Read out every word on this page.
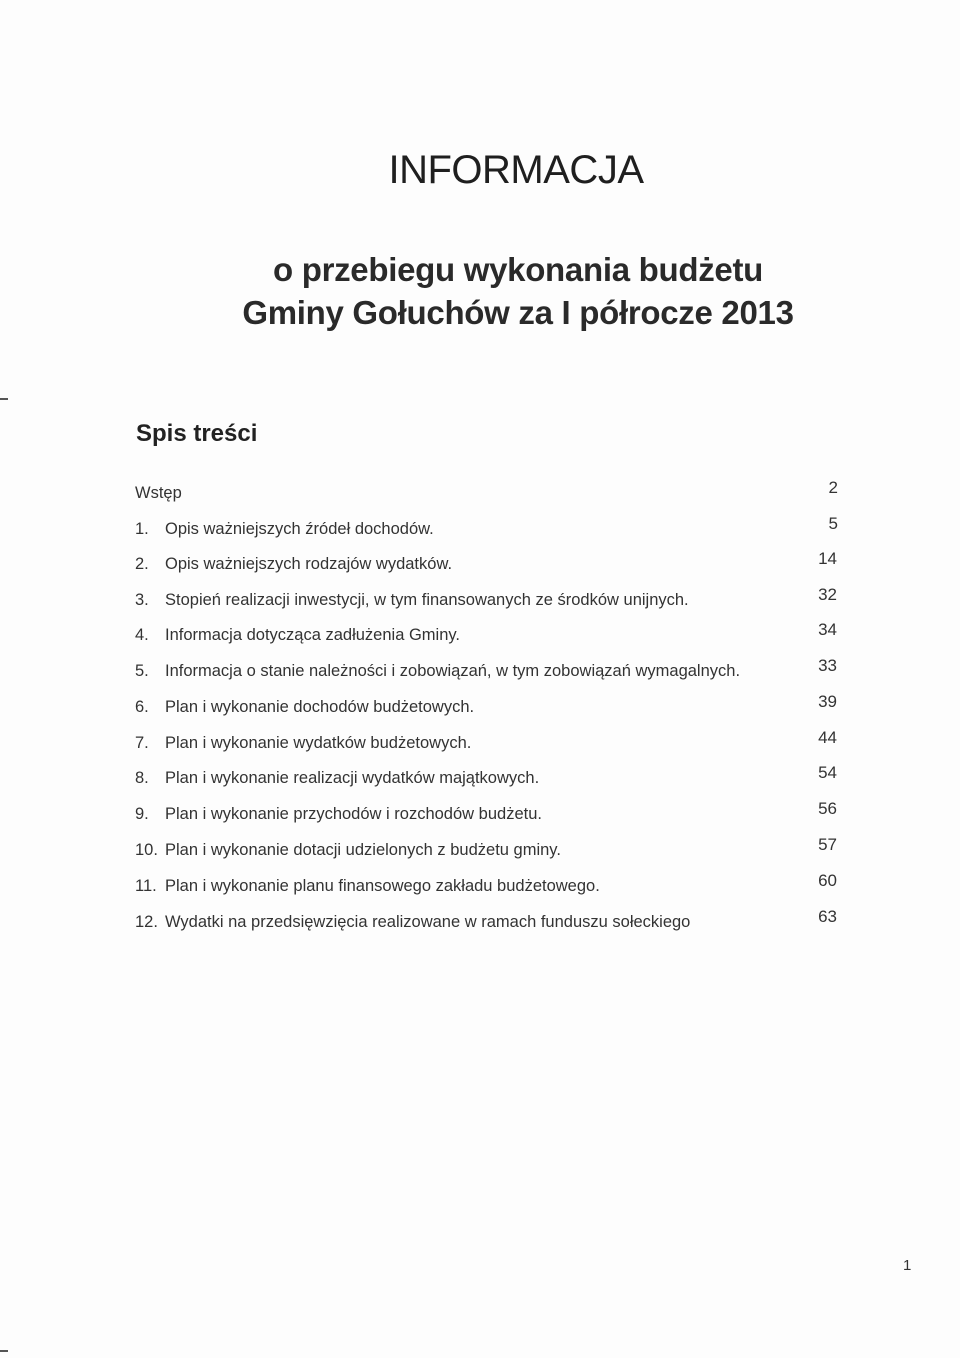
INFORMACJA
o przebiegu wykonania budżetu
Gminy Gołuchów za I półrocze 2013
Spis treści
Wstęp	2
1. Opis ważniejszych źródeł dochodów.	5
2. Opis ważniejszych rodzajów wydatków.	14
3. Stopień realizacji inwestycji, w tym finansowanych ze środków unijnych.	32
4. Informacja dotycząca zadłużenia Gminy.	34
5. Informacja o stanie należności i zobowiązań, w tym zobowiązań wymagalnych.	33
6. Plan i wykonanie dochodów budżetowych.	39
7. Plan i wykonanie wydatków budżetowych.	44
8. Plan i wykonanie realizacji wydatków majątkowych.	54
9. Plan i wykonanie przychodów i rozchodów budżetu.	56
10. Plan i wykonanie dotacji udzielonych z budżetu gminy.	57
11. Plan i wykonanie planu finansowego zakładu budżetowego.	60
12. Wydatki na przedsięwzięcia realizowane w ramach funduszu sołeckiego	63
1
